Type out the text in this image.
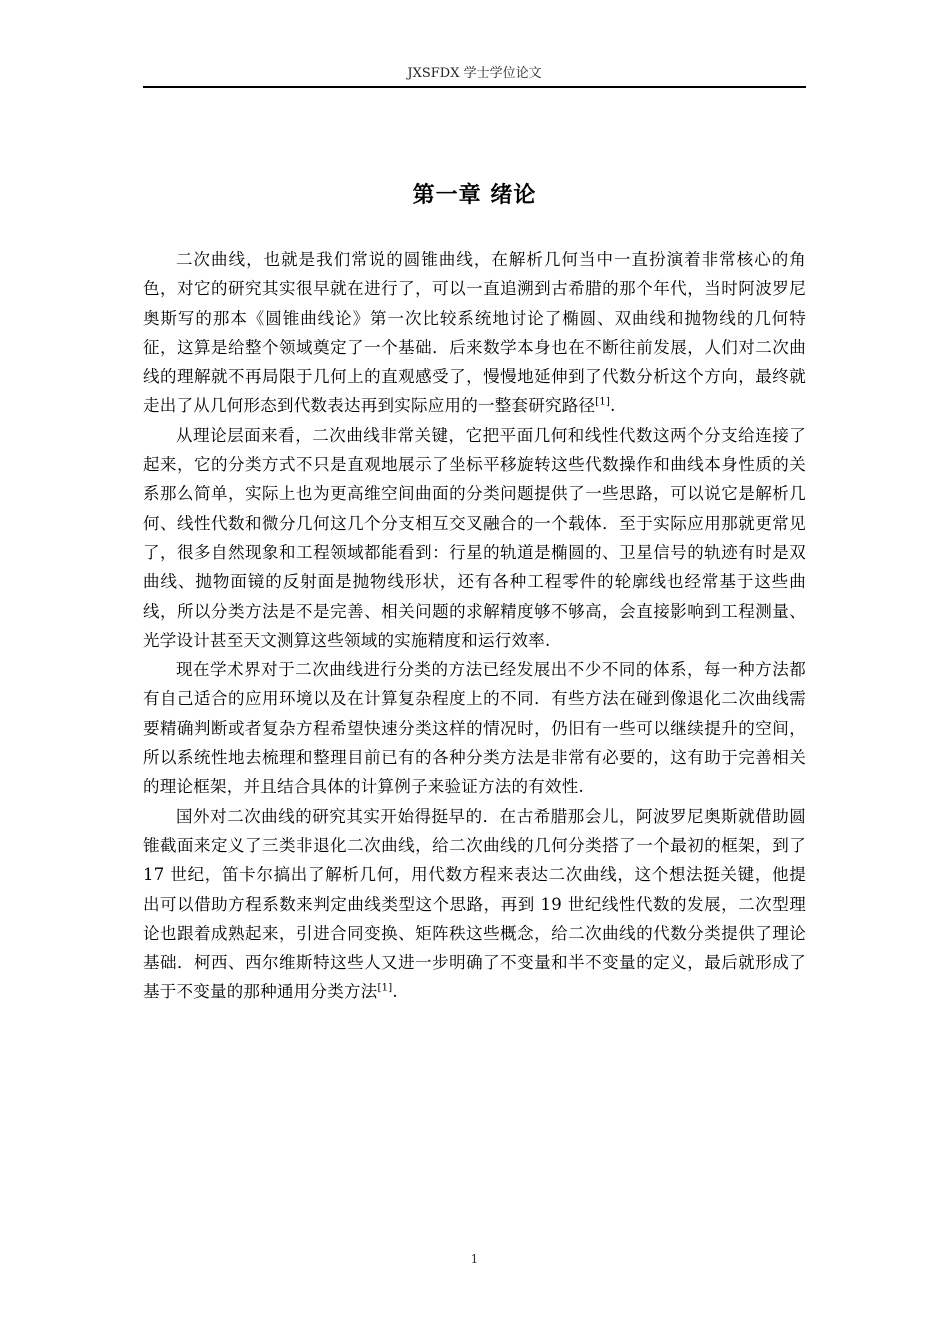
JXSFDX 学士学位论文
第一章 绪论

二次曲线，也就是我们常说的圆锥曲线，在解析几何当中一直扮演着非常核心的角色，对它的研究其实很早就在进行了，可以一直追溯到古希腊的那个年代，当时阿波罗尼奥斯写的那本《圆锥曲线论》第一次比较系统地讨论了椭圆、双曲线和抛物线的几何特征，这算是给整个领域奠定了一个基础．后来数学本身也在不断往前发展，人们对二次曲线的理解就不再局限于几何上的直观感受了，慢慢地延伸到了代数分析这个方向，最终就走出了从几何形态到代数表达再到实际应用的一整套研究路径[1].

从理论层面来看，二次曲线非常关键，它把平面几何和线性代数这两个分支给连接了起来，它的分类方式不只是直观地展示了坐标平移旋转这些代数操作和曲线本身性质的关系那么简单，实际上也为更高维空间曲面的分类问题提供了一些思路，可以说它是解析几何、线性代数和微分几何这几个分支相互交叉融合的一个载体．至于实际应用那就更常见了，很多自然现象和工程领域都能看到：行星的轨道是椭圆的、卫星信号的轨迹有时是双曲线、抛物面镜的反射面是抛物线形状，还有各种工程零件的轮廓线也经常基于这些曲线，所以分类方法是不是完善、相关问题的求解精度够不够高，会直接影响到工程测量、光学设计甚至天文测算这些领域的实施精度和运行效率.

现在学术界对于二次曲线进行分类的方法已经发展出不少不同的体系，每一种方法都有自己适合的应用环境以及在计算复杂程度上的不同．有些方法在碰到像退化二次曲线需要精确判断或者复杂方程希望快速分类这样的情况时，仍旧有一些可以继续提升的空间，所以系统性地去梳理和整理目前已有的各种分类方法是非常有必要的，这有助于完善相关的理论框架，并且结合具体的计算例子来验证方法的有效性.

国外对二次曲线的研究其实开始得挺早的．在古希腊那会儿，阿波罗尼奥斯就借助圆锥截面来定义了三类非退化二次曲线，给二次曲线的几何分类搭了一个最初的框架，到了 17 世纪，笛卡尔搞出了解析几何，用代数方程来表达二次曲线，这个想法挺关键，他提出可以借助方程系数来判定曲线类型这个思路，再到 19 世纪线性代数的发展，二次型理论也跟着成熟起来，引进合同变换、矩阵秩这些概念，给二次曲线的代数分类提供了理论基础．柯西、西尔维斯特这些人又进一步明确了不变量和半不变量的定义，最后就形成了基于不变量的那种通用分类方法[1].

1
